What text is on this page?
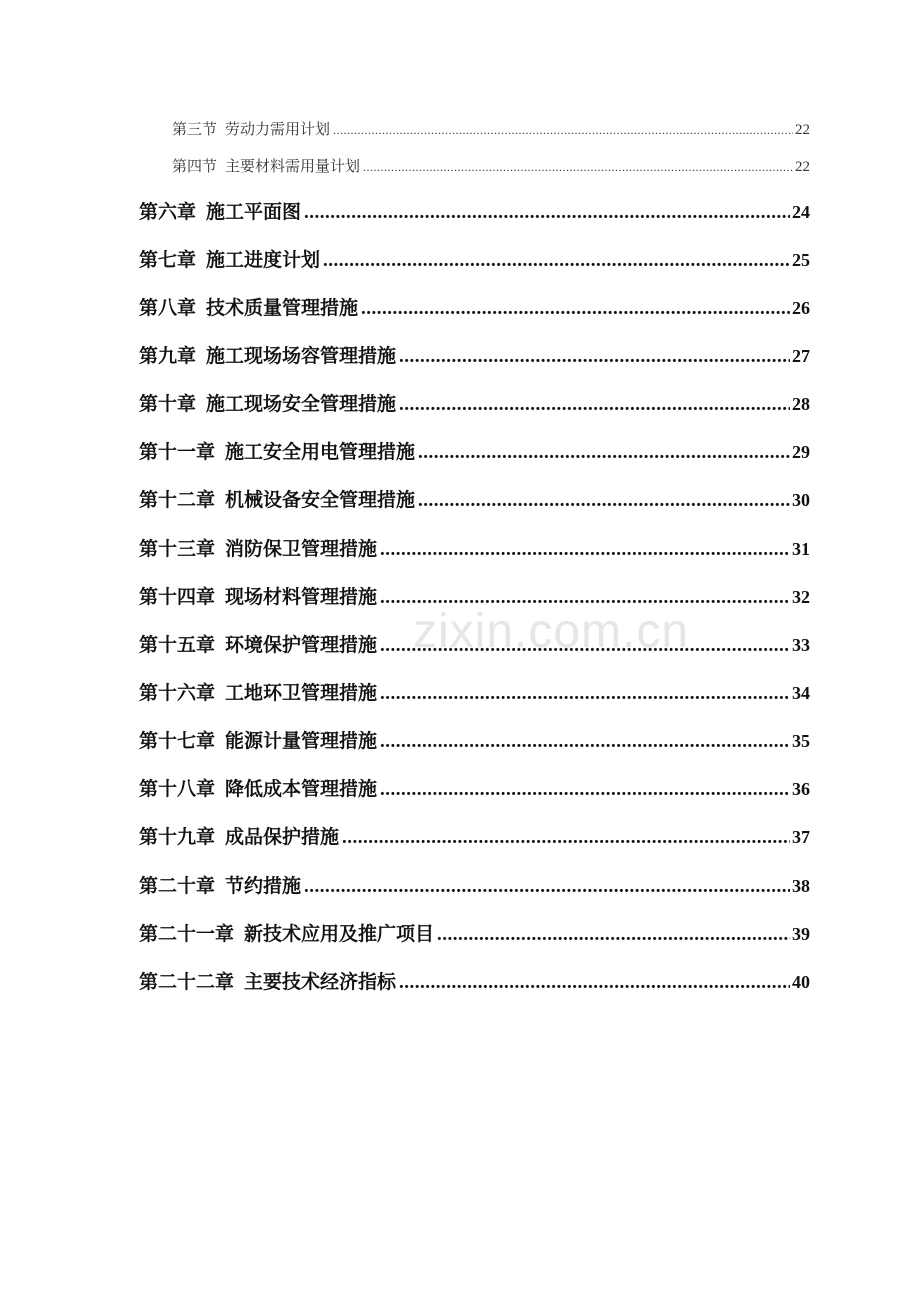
第三节 劳动力需用计划 .....	22
第四节 主要材料需用量计划 .....	22
第六章 施工平面图 .....	24
第七章 施工进度计划 .....	25
第八章 技术质量管理措施 .....	26
第九章 施工现场场容管理措施 .....	27
第十章 施工现场安全管理措施 .....	28
第十一章 施工安全用电管理措施 .....	29
第十二章 机械设备安全管理措施 .....	30
第十三章 消防保卫管理措施 .....	31
第十四章 现场材料管理措施 .....	32
第十五章 环境保护管理措施 .....	33
第十六章 工地环卫管理措施 .....	34
第十七章 能源计量管理措施 .....	35
第十八章 降低成本管理措施 .....	36
第十九章 成品保护措施 .....	37
第二十章 节约措施 .....	38
第二十一章 新技术应用及推广项目 .....	39
第二十二章 主要技术经济指标 .....	40
zixin.com.cn
